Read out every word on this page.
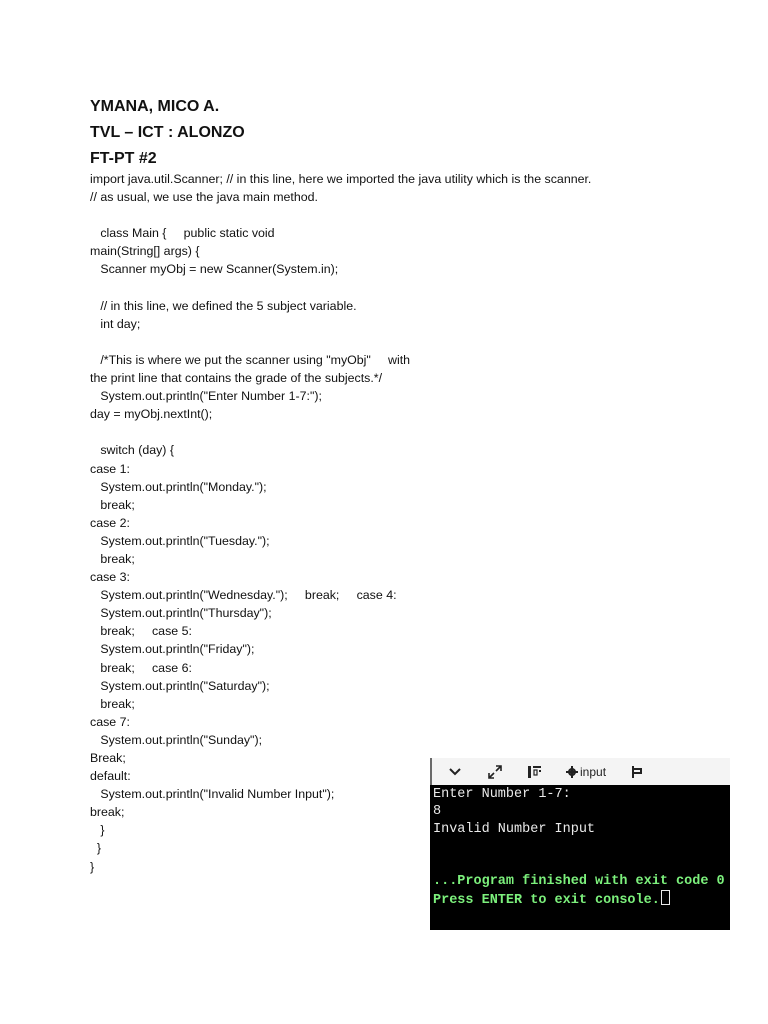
YMANA, MICO A.
TVL – ICT : ALONZO
FT-PT #2
import java.util.Scanner; // in this line, here we imported the java utility which is the scanner.
// as usual, we use the java main method.
class Main {     public static void
main(String[] args) {
Scanner myObj = new Scanner(System.in);
// in this line, we defined the 5 subject variable.
int day;
/*This is where we put the scanner using "myObj"     with
the print line that contains the grade of the subjects.*/
System.out.println("Enter Number 1-7:");
day = myObj.nextInt();
switch (day) {
case 1:
System.out.println("Monday.");
break;
case 2:
System.out.println("Tuesday.");
break;
case 3:
System.out.println("Wednesday.");     break;     case 4:
System.out.println("Thursday");
break;     case 5:
System.out.println("Friday");
break;     case 6:
System.out.println("Saturday");
break;
case 7:
System.out.println("Sunday");
Break;
default:
System.out.println("Invalid Number Input");
break;
}
}
}
input
Enter Number 1-7:
8
Invalid Number Input
...Program finished with exit code 0
Press ENTER to exit console.
